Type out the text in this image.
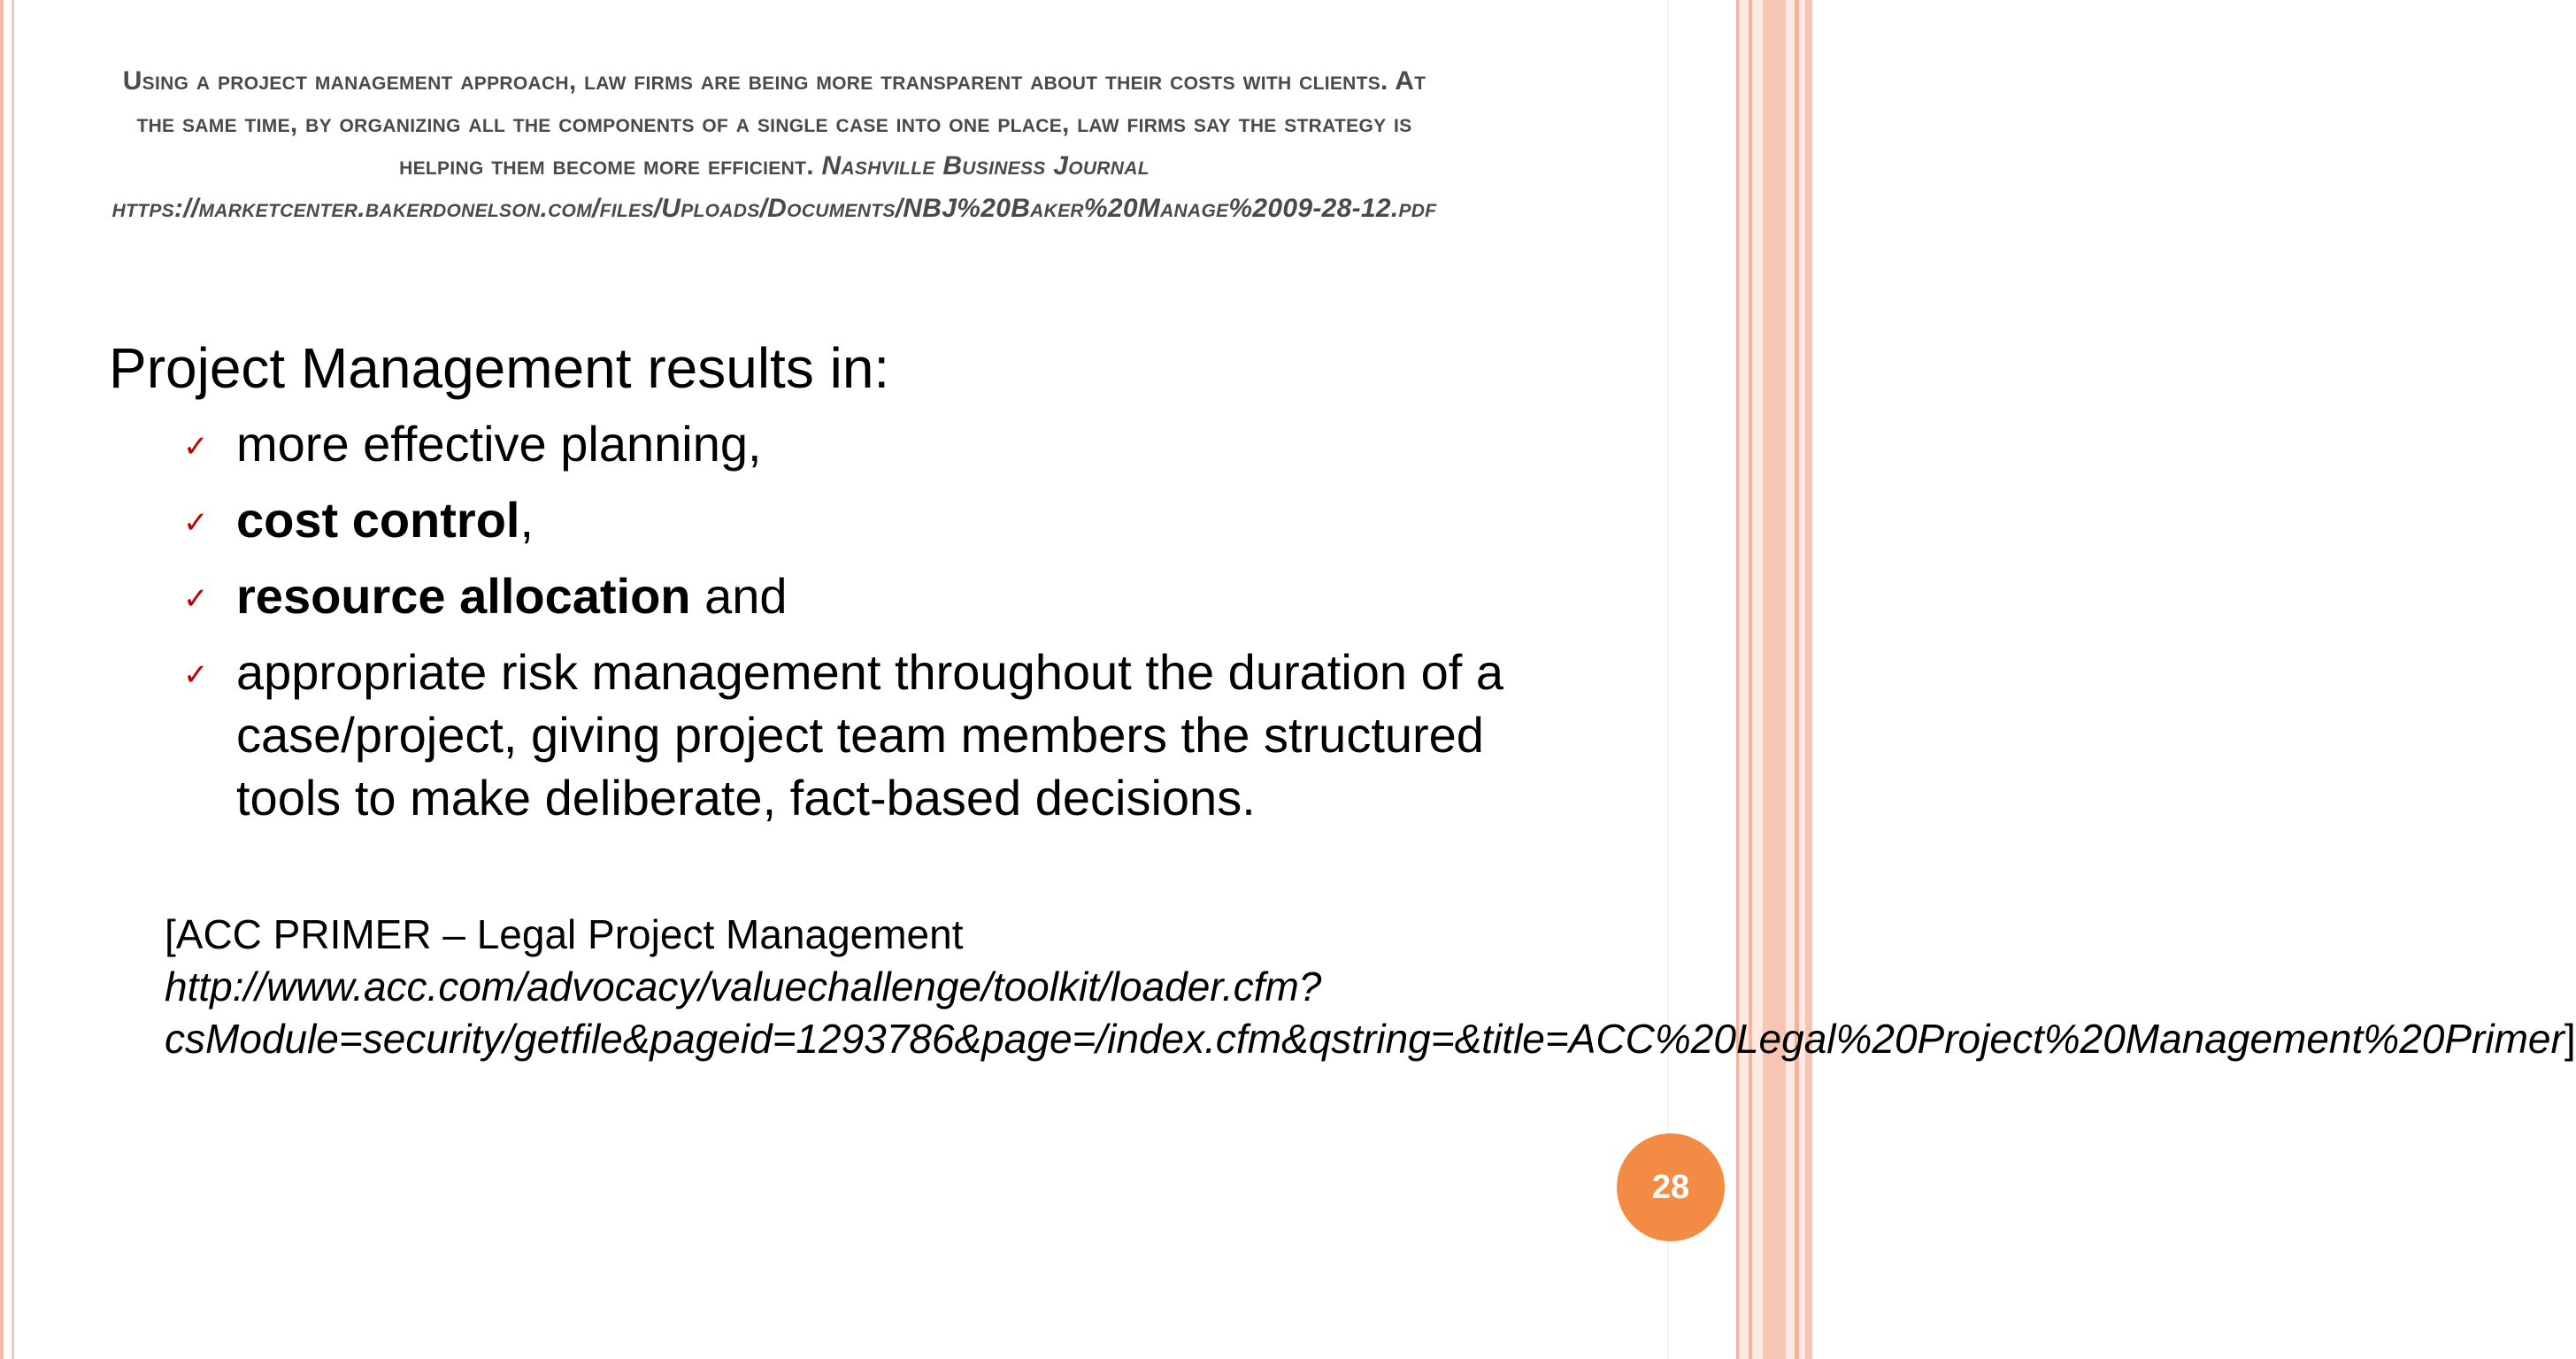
Using a project management approach, law firms are being more transparent about their costs with clients. At the same time, by organizing all the components of a single case into one place, law firms say the strategy is helping them become more efficient. Nashville Business Journal
https://marketcenter.bakerdonelson.com/files/Uploads/Documents/NBJ%20Baker%20Manage%2009-28-12.pdf
Project Management results in:
✓ more effective planning,
✓ cost control,
✓ resource allocation and
✓ appropriate risk management throughout the duration of a case/project, giving project team members the structured tools to make deliberate, fact-based decisions.
[ACC PRIMER – Legal Project Management
http://www.acc.com/advocacy/valuechallenge/toolkit/loader.cfm?csModule=security/getfile&pageid=1293786&page=/index.cfm&qstring=&title=ACC%20Legal%20Project%20Management%20Primer]
28
